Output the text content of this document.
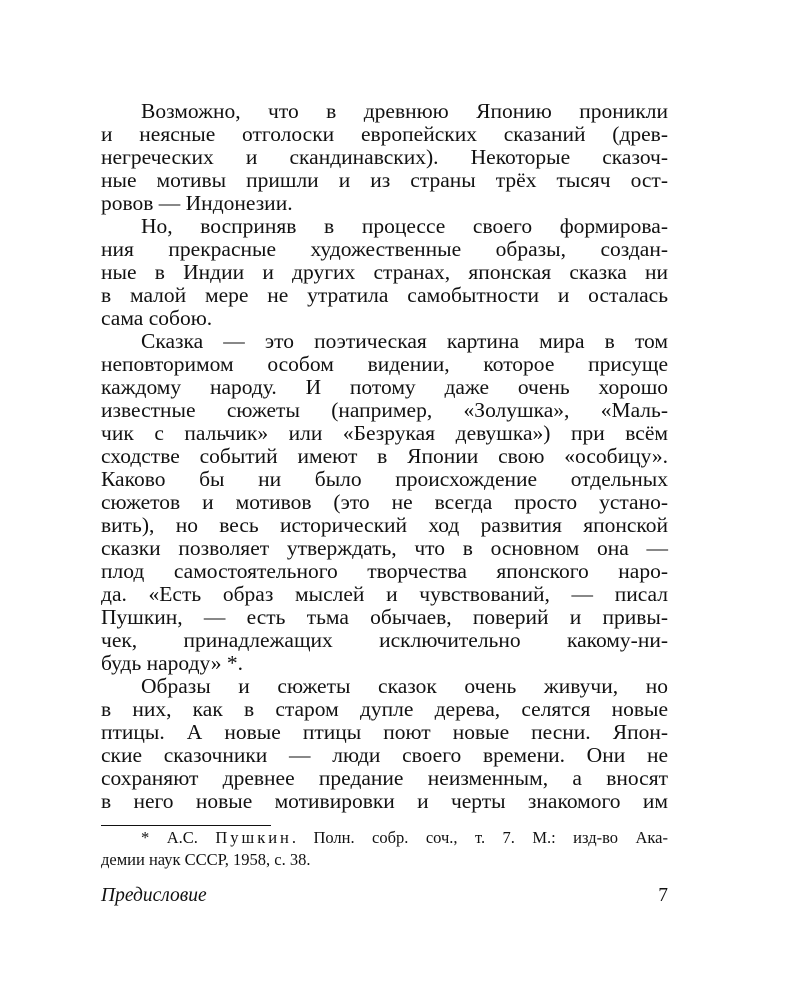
Возможно, что в древнюю Японию проникли
и неясные отголоски европейских сказаний (древ-
негреческих и скандинавских). Некоторые сказоч-
ные мотивы пришли и из страны трёх тысяч ост-
ровов — Индонезии.
Но, восприняв в процессе своего формирова-
ния прекрасные художественные образы, создан-
ные в Индии и других странах, японская сказка ни
в малой мере не утратила самобытности и осталась
сама собою.
Сказка — это поэтическая картина мира в том
неповторимом особом видении, которое присуще
каждому народу. И потому даже очень хорошо
известные сюжеты (например, «Золушка», «Маль-
чик с пальчик» или «Безрукая девушка») при всём
сходстве событий имеют в Японии свою «особицу».
Каково бы ни было происхождение отдельных
сюжетов и мотивов (это не всегда просто устано-
вить), но весь исторический ход развития японской
сказки позволяет утверждать, что в основном она —
плод самостоятельного творчества японского наро-
да. «Есть образ мыслей и чувствований, — писал
Пушкин, — есть тьма обычаев, поверий и привы-
чек, принадлежащих исключительно какому-ни-
будь народу» *.
Образы и сюжеты сказок очень живучи, но
в них, как в старом дупле дерева, селятся новые
птицы. А новые птицы поют новые песни. Япон-
ские сказочники — люди своего времени. Они не
сохраняют древнее предание неизменным, а вносят
в него новые мотивировки и черты знакомого им
* А.С. Пушкин. Полн. собр. соч., т. 7. М.: изд-во Ака-
демии наук СССР, 1958, с. 38.
Предисловие	7
